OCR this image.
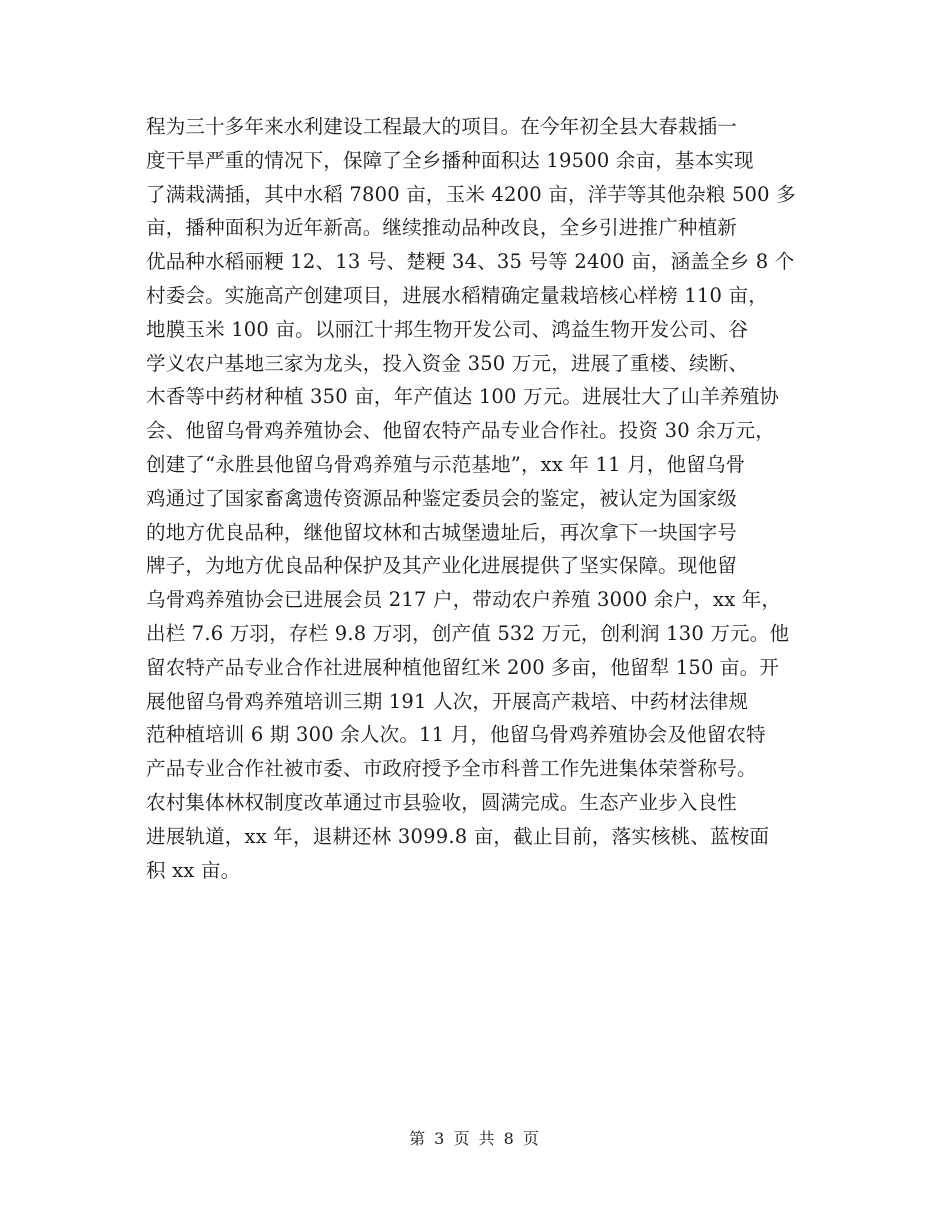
程为三十多年来水利建设工程最大的项目。在今年初全县大春栽插一
度干旱严重的情况下，保障了全乡播种面积达 19500 余亩，基本实现
了满栽满插，其中水稻 7800 亩，玉米 4200 亩，洋芋等其他杂粮 500 多
亩，播种面积为近年新高。继续推动品种改良，全乡引进推广种植新
优品种水稻丽粳 12、13 号、楚粳 34、35 号等 2400 亩，涵盖全乡 8 个
村委会。实施高产创建项目，进展水稻精确定量栽培核心样榜 110 亩，
地膜玉米 100 亩。以丽江十邦生物开发公司、鸿益生物开发公司、谷
学义农户基地三家为龙头，投入资金 350 万元，进展了重楼、续断、
木香等中药材种植 350 亩，年产值达 100 万元。进展壮大了山羊养殖协
会、他留乌骨鸡养殖协会、他留农特产品专业合作社。投资 30 余万元，
创建了“永胜县他留乌骨鸡养殖与示范基地”，xx 年 11 月，他留乌骨
鸡通过了国家畜禽遗传资源品种鉴定委员会的鉴定，被认定为国家级
的地方优良品种，继他留坟林和古城堡遗址后，再次拿下一块国字号
牌子，为地方优良品种保护及其产业化进展提供了坚实保障。现他留
乌骨鸡养殖协会已进展会员 217 户，带动农户养殖 3000 余户，xx 年，
出栏 7.6 万羽，存栏 9.8 万羽，创产值 532 万元，创利润 130 万元。他
留农特产品专业合作社进展种植他留红米 200 多亩，他留犁 150 亩。开
展他留乌骨鸡养殖培训三期 191 人次，开展高产栽培、中药材法律规
范种植培训 6 期 300 余人次。11 月，他留乌骨鸡养殖协会及他留农特
产品专业合作社被市委、市政府授予全市科普工作先进集体荣誉称号。
农村集体林权制度改革通过市县验收，圆满完成。生态产业步入良性
进展轨道，xx 年，退耕还林 3099.8 亩，截止目前，落实核桃、蓝桉面
积 xx 亩。
第 3 页 共 8 页
